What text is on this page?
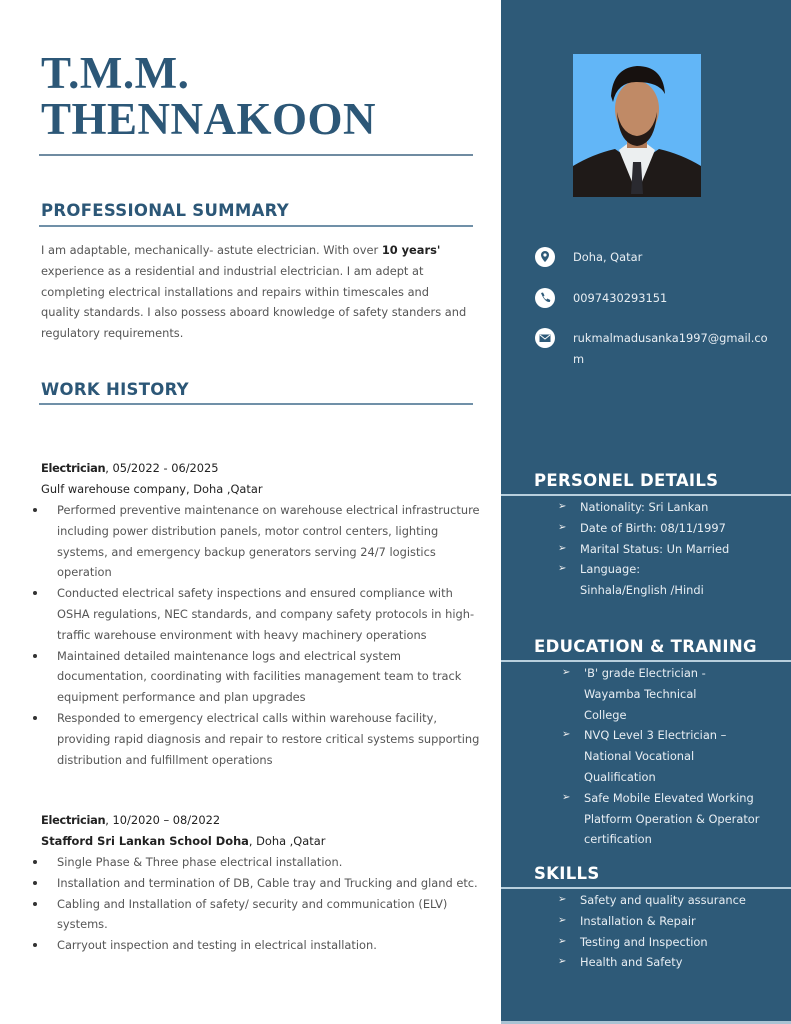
T.M.M.
THENNAKOON
PROFESSIONAL SUMMARY
I am adaptable, mechanically- astute electrician. With over 10 years' experience as a residential and industrial electrician. I am adept at completing electrical installations and repairs within timescales and quality standards. I also possess aboard knowledge of safety standers and regulatory requirements.
WORK HISTORY
Electrician, 05/2022 - 06/2025
Gulf warehouse company, Doha ,Qatar
Performed preventive maintenance on warehouse electrical infrastructure including power distribution panels, motor control centers, lighting systems, and emergency backup generators serving 24/7 logistics operation
Conducted electrical safety inspections and ensured compliance with OSHA regulations, NEC standards, and company safety protocols in high-traffic warehouse environment with heavy machinery operations
Maintained detailed maintenance logs and electrical system documentation, coordinating with facilities management team to track equipment performance and plan upgrades
Responded to emergency electrical calls within warehouse facility, providing rapid diagnosis and repair to restore critical systems supporting distribution and fulfillment operations
Electrician, 10/2020 – 08/2022
Stafford Sri Lankan School Doha, Doha ,Qatar
Single Phase & Three phase electrical installation.
Installation and termination of DB, Cable tray and Trucking and gland etc.
Cabling and Installation of safety/ security and communication (ELV) systems.
Carryout inspection and testing in electrical installation.
Doha, Qatar
0097430293151
rukmalmadusanka1997@gmail.com
PERSONEL DETAILS
➢ Nationality: Sri Lankan
➢ Date of Birth: 08/11/1997
➢ Marital Status: Un Married
➢ Language: Sinhala/English /Hindi
EDUCATION & TRANING
➢ 'B' grade Electrician - Wayamba Technical College
➢ NVQ Level 3 Electrician – National Vocational Qualification
➢ Safe Mobile Elevated Working Platform Operation & Operator certification
SKILLS
➢ Safety and quality assurance
➢ Installation & Repair
➢ Testing and Inspection
➢ Health and Safety
